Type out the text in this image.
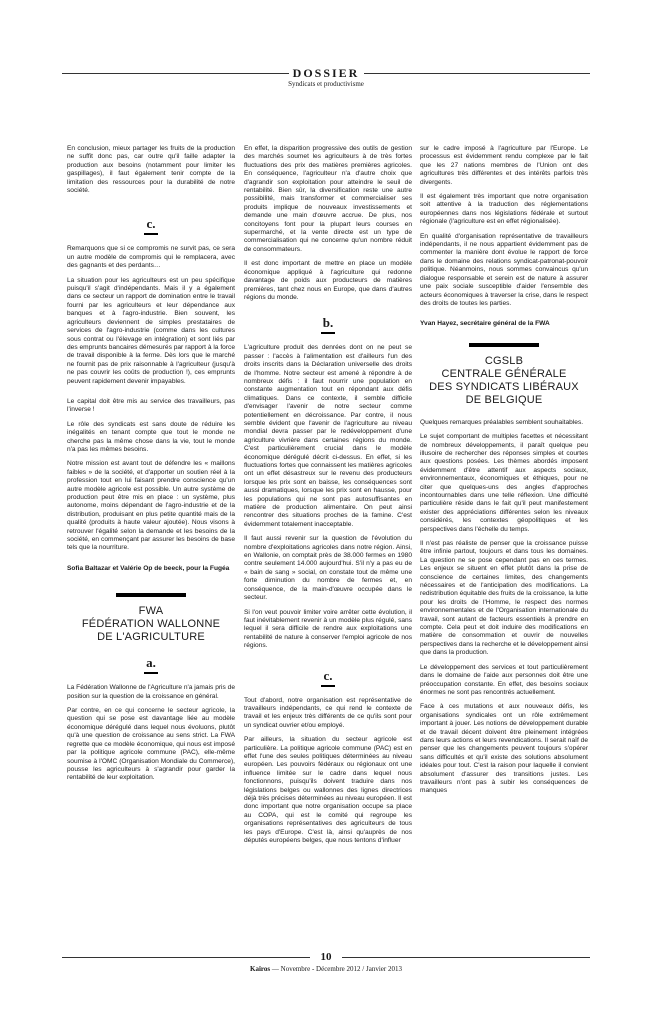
DOSSIER
Syndicats et productivisme

En conclusion, mieux partager les fruits de la production ne suffit donc pas, car outre qu'il faille adapter la production aux besoins (notamment pour limiter les gaspillages), il faut également tenir compte de la limitation des ressources pour la durabilité de notre société.

c.

Remarquons que si ce compromis ne survit pas, ce sera un autre modèle de compromis qui le remplacera, avec des gagnants et des perdants…

La situation pour les agriculteurs est un peu spécifique puisqu'il s'agit d'indépendants. Mais il y a également dans ce secteur un rapport de domination entre le travail fourni par les agriculteurs et leur dépendance aux banques et à l'agro-industrie. Bien souvent, les agriculteurs deviennent de simples prestataires de services de l'agro-industrie (comme dans les cultures sous contrat ou l'élevage en intégration) et sont liés par des emprunts bancaires démesurés par rapport à la force de travail disponible à la ferme. Dès lors que le marché ne fournit pas de prix raisonnable à l'agriculteur (jusqu'à ne pas couvrir les coûts de production !), ces emprunts peuvent rapidement devenir impayables.

Le capital doit être mis au service des travailleurs, pas l'inverse !

Le rôle des syndicats est sans doute de réduire les inégalités en tenant compte que tout le monde ne cherche pas la même chose dans la vie, tout le monde n'a pas les mêmes besoins.

Notre mission est avant tout de défendre les « maillons faibles » de la société, et d'apporter un soutien réel à la profession tout en lui faisant prendre conscience qu'un autre modèle agricole est possible. Un autre système de production peut être mis en place : un système, plus autonome, moins dépendant de l'agro-industrie et de la distribution, produisant en plus petite quantité mais de la qualité (produits à haute valeur ajoutée). Nous visons à retrouver l'égalité selon la demande et les besoins de la société, en commençant par assurer les besoins de base tels que la nourriture.

Sofia Baltazar et Valérie Op de beeck, pour la Fugéa
FWA
FÉDÉRATION WALLONNE
DE L'AGRICULTURE
a.

La Fédération Wallonne de l'Agriculture n'a jamais pris de position sur la question de la croissance en général.

Par contre, en ce qui concerne le secteur agricole, la question qui se pose est davantage liée au modèle économique dérégulé dans lequel nous évoluons, plutôt qu'à une question de croissance au sens strict. La FWA regrette que ce modèle économique, qui nous est imposé par la politique agricole commune (PAC), elle-même soumise à l'OMC (Organisation Mondiale du Commerce), pousse les agriculteurs à s'agrandir pour garder la rentabilité de leur exploitation.

En effet, la disparition progressive des outils de gestion des marchés soumet les agriculteurs à de très fortes fluctuations des prix des matières premières agricoles. En conséquence, l'agriculteur n'a d'autre choix que d'agrandir son exploitation pour atteindre le seuil de rentabilité. Bien sûr, la diversification reste une autre possibilité, mais transformer et commercialiser ses produits implique de nouveaux investissements et demande une main d'œuvre accrue. De plus, nos concitoyens font pour la plupart leurs courses en supermarché, et la vente directe est un type de commercialisation qui ne concerne qu'un nombre réduit de consommateurs.

Il est donc important de mettre en place un modèle économique appliqué à l'agriculture qui redonne davantage de poids aux producteurs de matières premières, tant chez nous en Europe, que dans d'autres régions du monde.

b.

L'agriculture produit des denrées dont on ne peut se passer : l'accès à l'alimentation est d'ailleurs l'un des droits inscrits dans la Déclaration universelle des droits de l'homme. Notre secteur est amené à répondre à de nombreux défis : il faut nourrir une population en constante augmentation tout en répondant aux défis climatiques. Dans ce contexte, il semble difficile d'envisager l'avenir de notre secteur comme potentiellement en décroissance. Par contre, il nous semble évident que l'avenir de l'agriculture au niveau mondial devra passer par le redéveloppement d'une agriculture vivrière dans certaines régions du monde. C'est particulièrement crucial dans le modèle économique dérégulé décrit ci-dessus. En effet, si les fluctuations fortes que connaissent les matières agricoles ont un effet désastreux sur le revenu des producteurs lorsque les prix sont en baisse, les conséquences sont aussi dramatiques, lorsque les prix sont en hausse, pour les populations qui ne sont pas autosuffisantes en matière de production alimentaire. On peut ainsi rencontrer des situations proches de la famine. C'est évidemment totalement inacceptable.

Il faut aussi revenir sur la question de l'évolution du nombre d'exploitations agricoles dans notre région. Ainsi, en Wallonie, on comptait près de 38.000 fermes en 1980 contre seulement 14.000 aujourd'hui. S'il n'y a pas eu de « bain de sang » social, on constate tout de même une forte diminution du nombre de fermes et, en conséquence, de la main-d'œuvre occupée dans le secteur.

Si l'on veut pouvoir limiter voire arrêter cette évolution, il faut inévitablement revenir à un modèle plus régulé, sans lequel il sera difficile de rendre aux exploitations une rentabilité de nature à conserver l'emploi agricole de nos régions.

c.

Tout d'abord, notre organisation est représentative de travailleurs indépendants, ce qui rend le contexte de travail et les enjeux très différents de ce qu'ils sont pour un syndicat ouvrier et/ou employé.

Par ailleurs, la situation du secteur agricole est particulière. La politique agricole commune (PAC) est en effet l'une des seules politiques déterminées au niveau européen. Les pouvoirs fédéraux ou régionaux ont une influence limitée sur le cadre dans lequel nous fonctionnons, puisqu'ils doivent traduire dans nos législations belges ou wallonnes des lignes directrices déjà très précises déterminées au niveau européen. Il est donc important que notre organisation occupe sa place au COPA, qui est le comité qui regroupe les organisations représentatives des agriculteurs de tous les pays d'Europe. C'est là, ainsi qu'auprès de nos députés européens belges, que nous tentons d'influer

sur le cadre imposé à l'agriculture par l'Europe. Le processus est évidemment rendu complexe par le fait que les 27 nations membres de l'Union ont des agricultures très différentes et des intérêts parfois très divergents.

Il est également très important que notre organisation soit attentive à la traduction des réglementations européennes dans nos législations fédérale et surtout régionale (l'agriculture est en effet régionalisée).

En qualité d'organisation représentative de travailleurs indépendants, il ne nous appartient évidemment pas de commenter la manière dont évolue le rapport de force dans le domaine des relations syndicat-patronat-pouvoir politique. Néanmoins, nous sommes convaincus qu'un dialogue responsable et serein est de nature à assurer une paix sociale susceptible d'aider l'ensemble des acteurs économiques à traverser la crise, dans le respect des droits de toutes les parties.

Yvan Hayez, secrétaire général de la FWA
CGSLB
CENTRALE GÉNÉRALE
DES SYNDICATS LIBÉRAUX
DE BELGIQUE

Quelques remarques préalables semblent souhaitables.

Le sujet comportant de multiples facettes et nécessitant de nombreux développements, il paraît quelque peu illusoire de rechercher des réponses simples et courtes aux questions posées. Les thèmes abordés imposent évidemment d'être attentif aux aspects sociaux, environnementaux, économiques et éthiques, pour ne citer que quelques-uns des angles d'approches incontournables dans une telle réflexion. Une difficulté particulière réside dans le fait qu'il peut manifestement exister des appréciations différentes selon les niveaux considérés, les contextes géopolitiques et les perspectives dans l'échelle du temps.

Il n'est pas réaliste de penser que la croissance puisse être infinie partout, toujours et dans tous les domaines. La question ne se pose cependant pas en ces termes. Les enjeux se situent en effet plutôt dans la prise de conscience de certaines limites, des changements nécessaires et de l'anticipation des modifications. La redistribution équitable des fruits de la croissance, la lutte pour les droits de l'Homme, le respect des normes environnementales et de l'Organisation internationale du travail, sont autant de facteurs essentiels à prendre en compte. Cela peut et doit induire des modifications en matière de consommation et ouvrir de nouvelles perspectives dans la recherche et le développement ainsi que dans la production.

Le développement des services et tout particulièrement dans le domaine de l'aide aux personnes doit être une préoccupation constante. En effet, des besoins sociaux énormes ne sont pas rencontrés actuellement.

Face à ces mutations et aux nouveaux défis, les organisations syndicales ont un rôle extrêmement important à jouer. Les notions de développement durable et de travail décent doivent être pleinement intégrées dans leurs actions et leurs revendications. Il serait naïf de penser que les changements peuvent toujours s'opérer sans difficultés et qu'il existe des solutions absolument idéales pour tout. C'est la raison pour laquelle il convient absolument d'assurer des transitions justes. Les travailleurs n'ont pas à subir les conséquences de manques

10
Kairos — Novembre - Décembre 2012 / Janvier 2013
